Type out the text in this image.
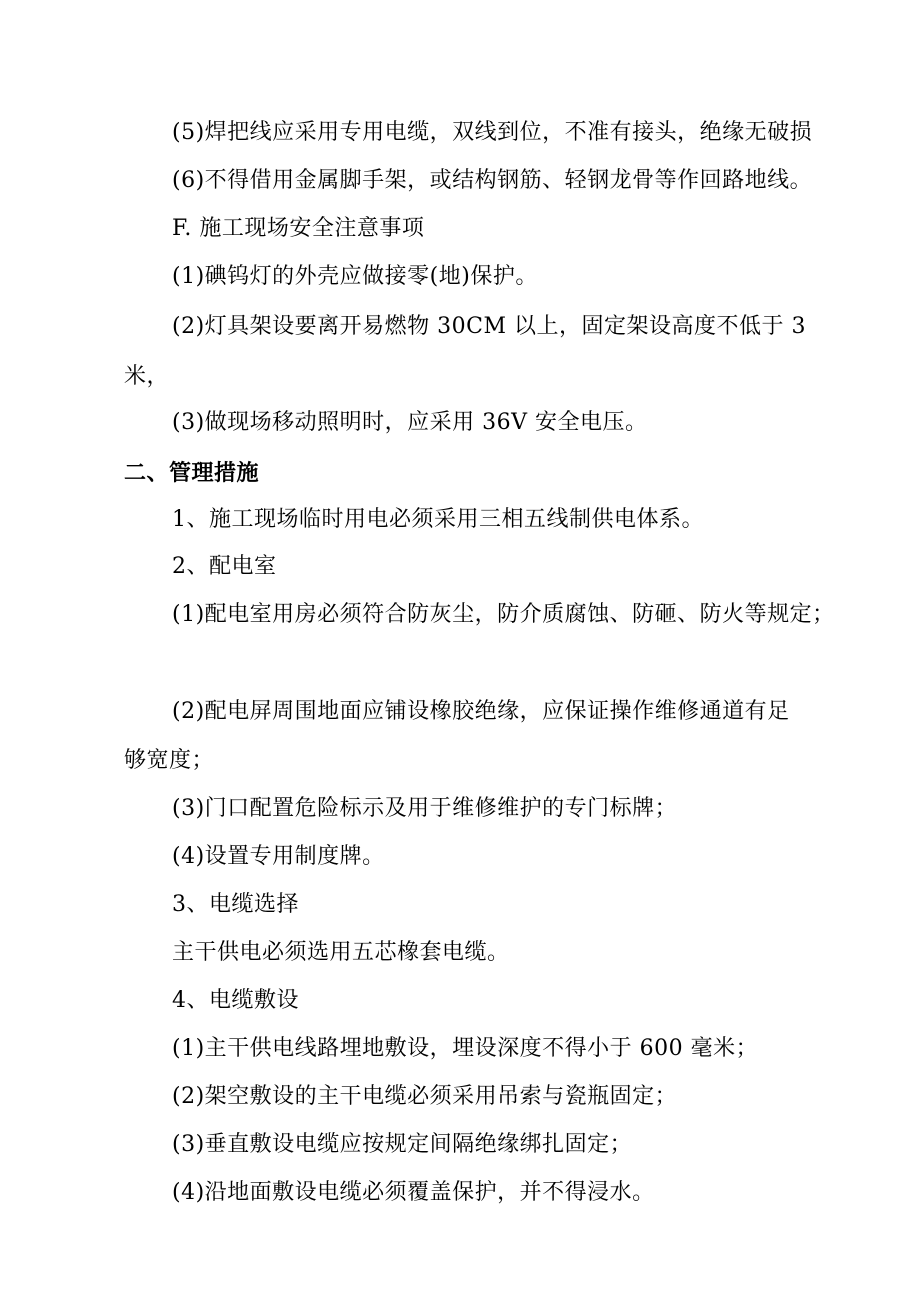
(5)焊把线应采用专用电缆，双线到位，不准有接头，绝缘无破损
(6)不得借用金属脚手架，或结构钢筋、轻钢龙骨等作回路地线。
F. 施工现场安全注意事项
(1)碘钨灯的外壳应做接零(地)保护。
(2)灯具架设要离开易燃物 30CM 以上，固定架设高度不低于 3
米，
(3)做现场移动照明时，应采用 36V 安全电压。
二、管理措施
1、施工现场临时用电必须采用三相五线制供电体系。
2、配电室
(1)配电室用房必须符合防灰尘，防介质腐蚀、防砸、防火等规定；
(2)配电屏周围地面应铺设橡胶绝缘，应保证操作维修通道有足
够宽度；
(3)门口配置危险标示及用于维修维护的专门标牌；
(4)设置专用制度牌。
3、电缆选择
主干供电必须选用五芯橡套电缆。
4、电缆敷设
(1)主干供电线路埋地敷设，埋设深度不得小于 600 毫米；
(2)架空敷设的主干电缆必须采用吊索与瓷瓶固定；
(3)垂直敷设电缆应按规定间隔绝缘绑扎固定；
(4)沿地面敷设电缆必须覆盖保护，并不得浸水。
